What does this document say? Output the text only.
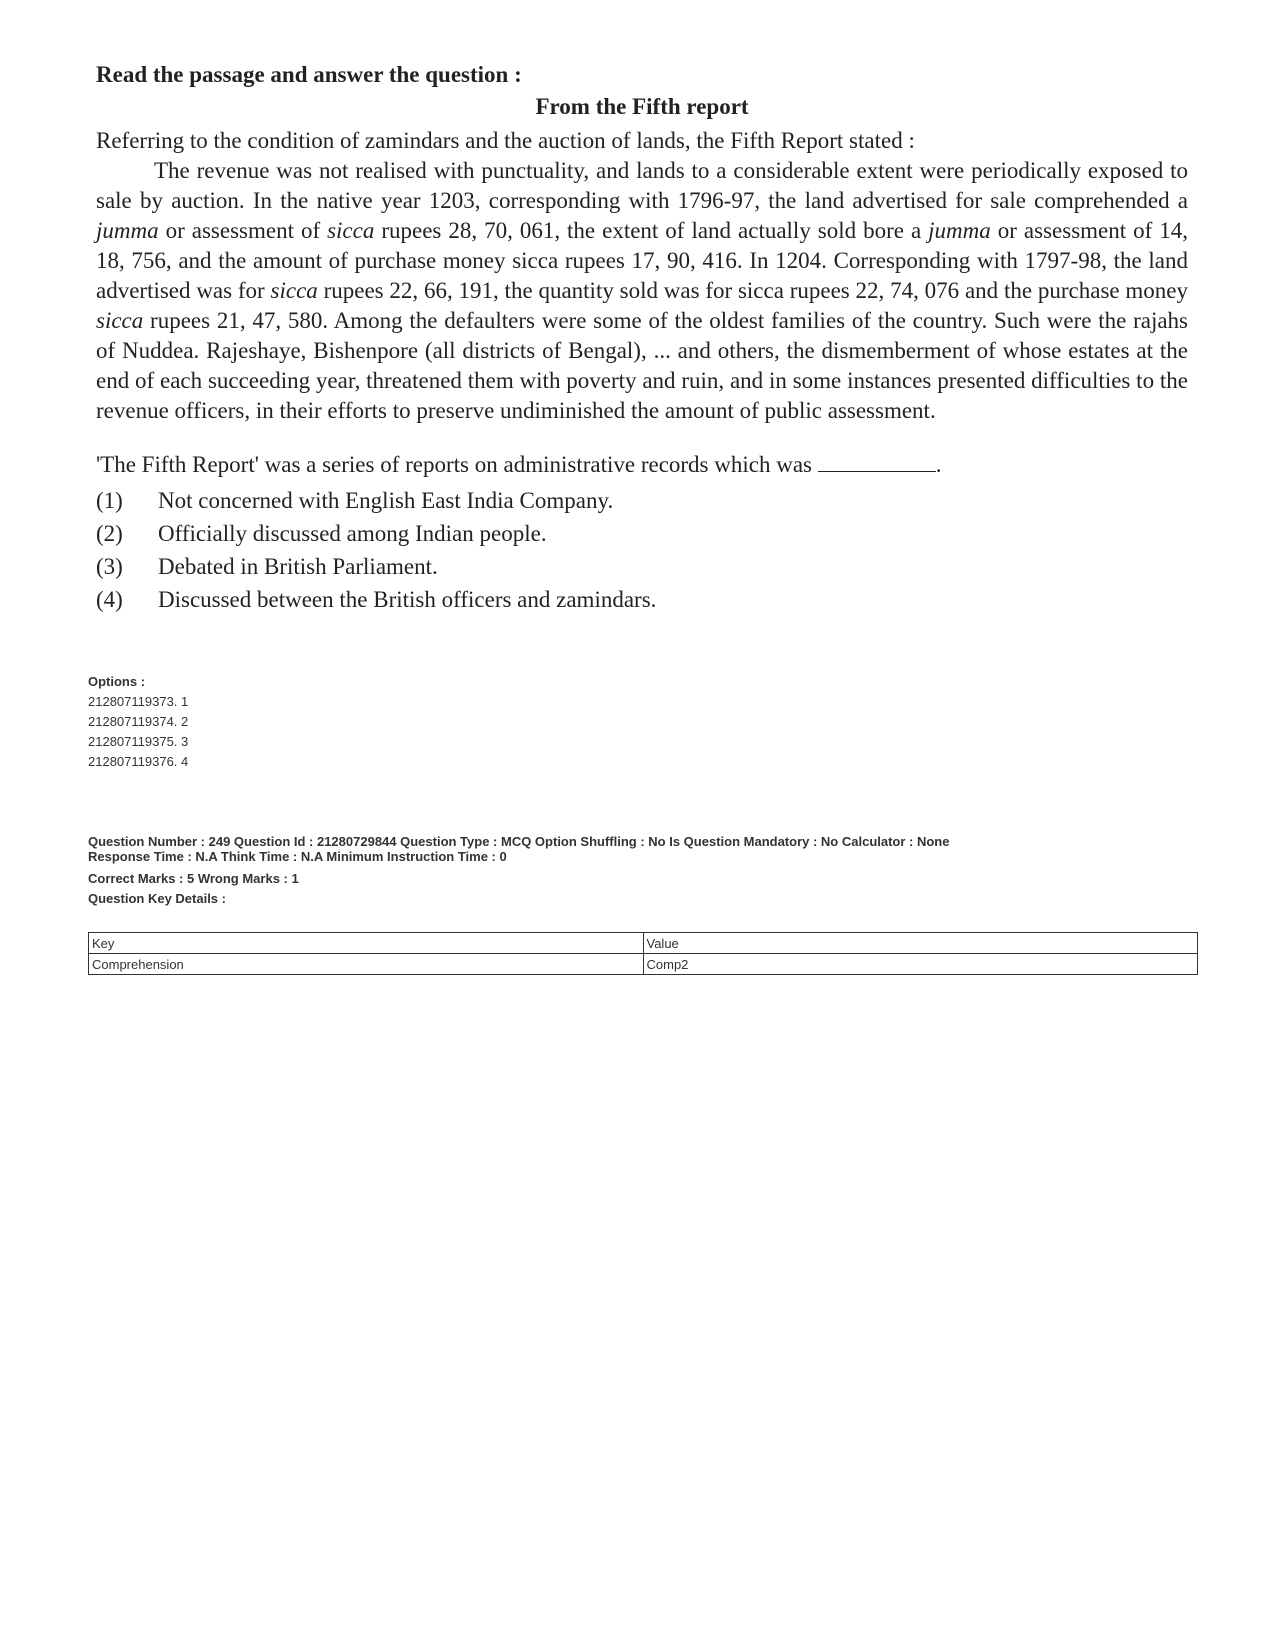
Read the passage and answer the question :

From the Fifth report

Referring to the condition of zamindars and the auction of lands, the Fifth Report stated :

The revenue was not realised with punctuality, and lands to a considerable extent were periodically exposed to sale by auction. In the native year 1203, corresponding with 1796-97, the land advertised for sale comprehended a jumma or assessment of sicca rupees 28, 70, 061, the extent of land actually sold bore a jumma or assessment of 14, 18, 756, and the amount of purchase money sicca rupees 17, 90, 416. In 1204. Corresponding with 1797-98, the land advertised was for sicca rupees 22, 66, 191, the quantity sold was for sicca rupees 22, 74, 076 and the purchase money sicca rupees 21, 47, 580. Among the defaulters were some of the oldest families of the country. Such were the rajahs of Nuddea. Rajeshaye, Bishenpore (all districts of Bengal), ... and others, the dismemberment of whose estates at the end of each succeeding year, threatened them with poverty and ruin, and in some instances presented difficulties to the revenue officers, in their efforts to preserve undiminished the amount of public assessment.

'The Fifth Report' was a series of reports on administrative records which was	.

(1)	Not concerned with English East India Company.
(2)	Officially discussed among Indian people.
(3)	Debated in British Parliament.
(4)	Discussed between the British officers and zamindars.
Options :
212807119373. 1
212807119374. 2
212807119375. 3
212807119376. 4
Question Number : 249 Question Id : 21280729844 Question Type : MCQ Option Shuffling : No Is Question Mandatory : No Calculator : None
Response Time : N.A Think Time : N.A Minimum Instruction Time : 0
Correct Marks : 5 Wrong Marks : 1
Question Key Details :
Key	Value
Comprehension	Comp2
